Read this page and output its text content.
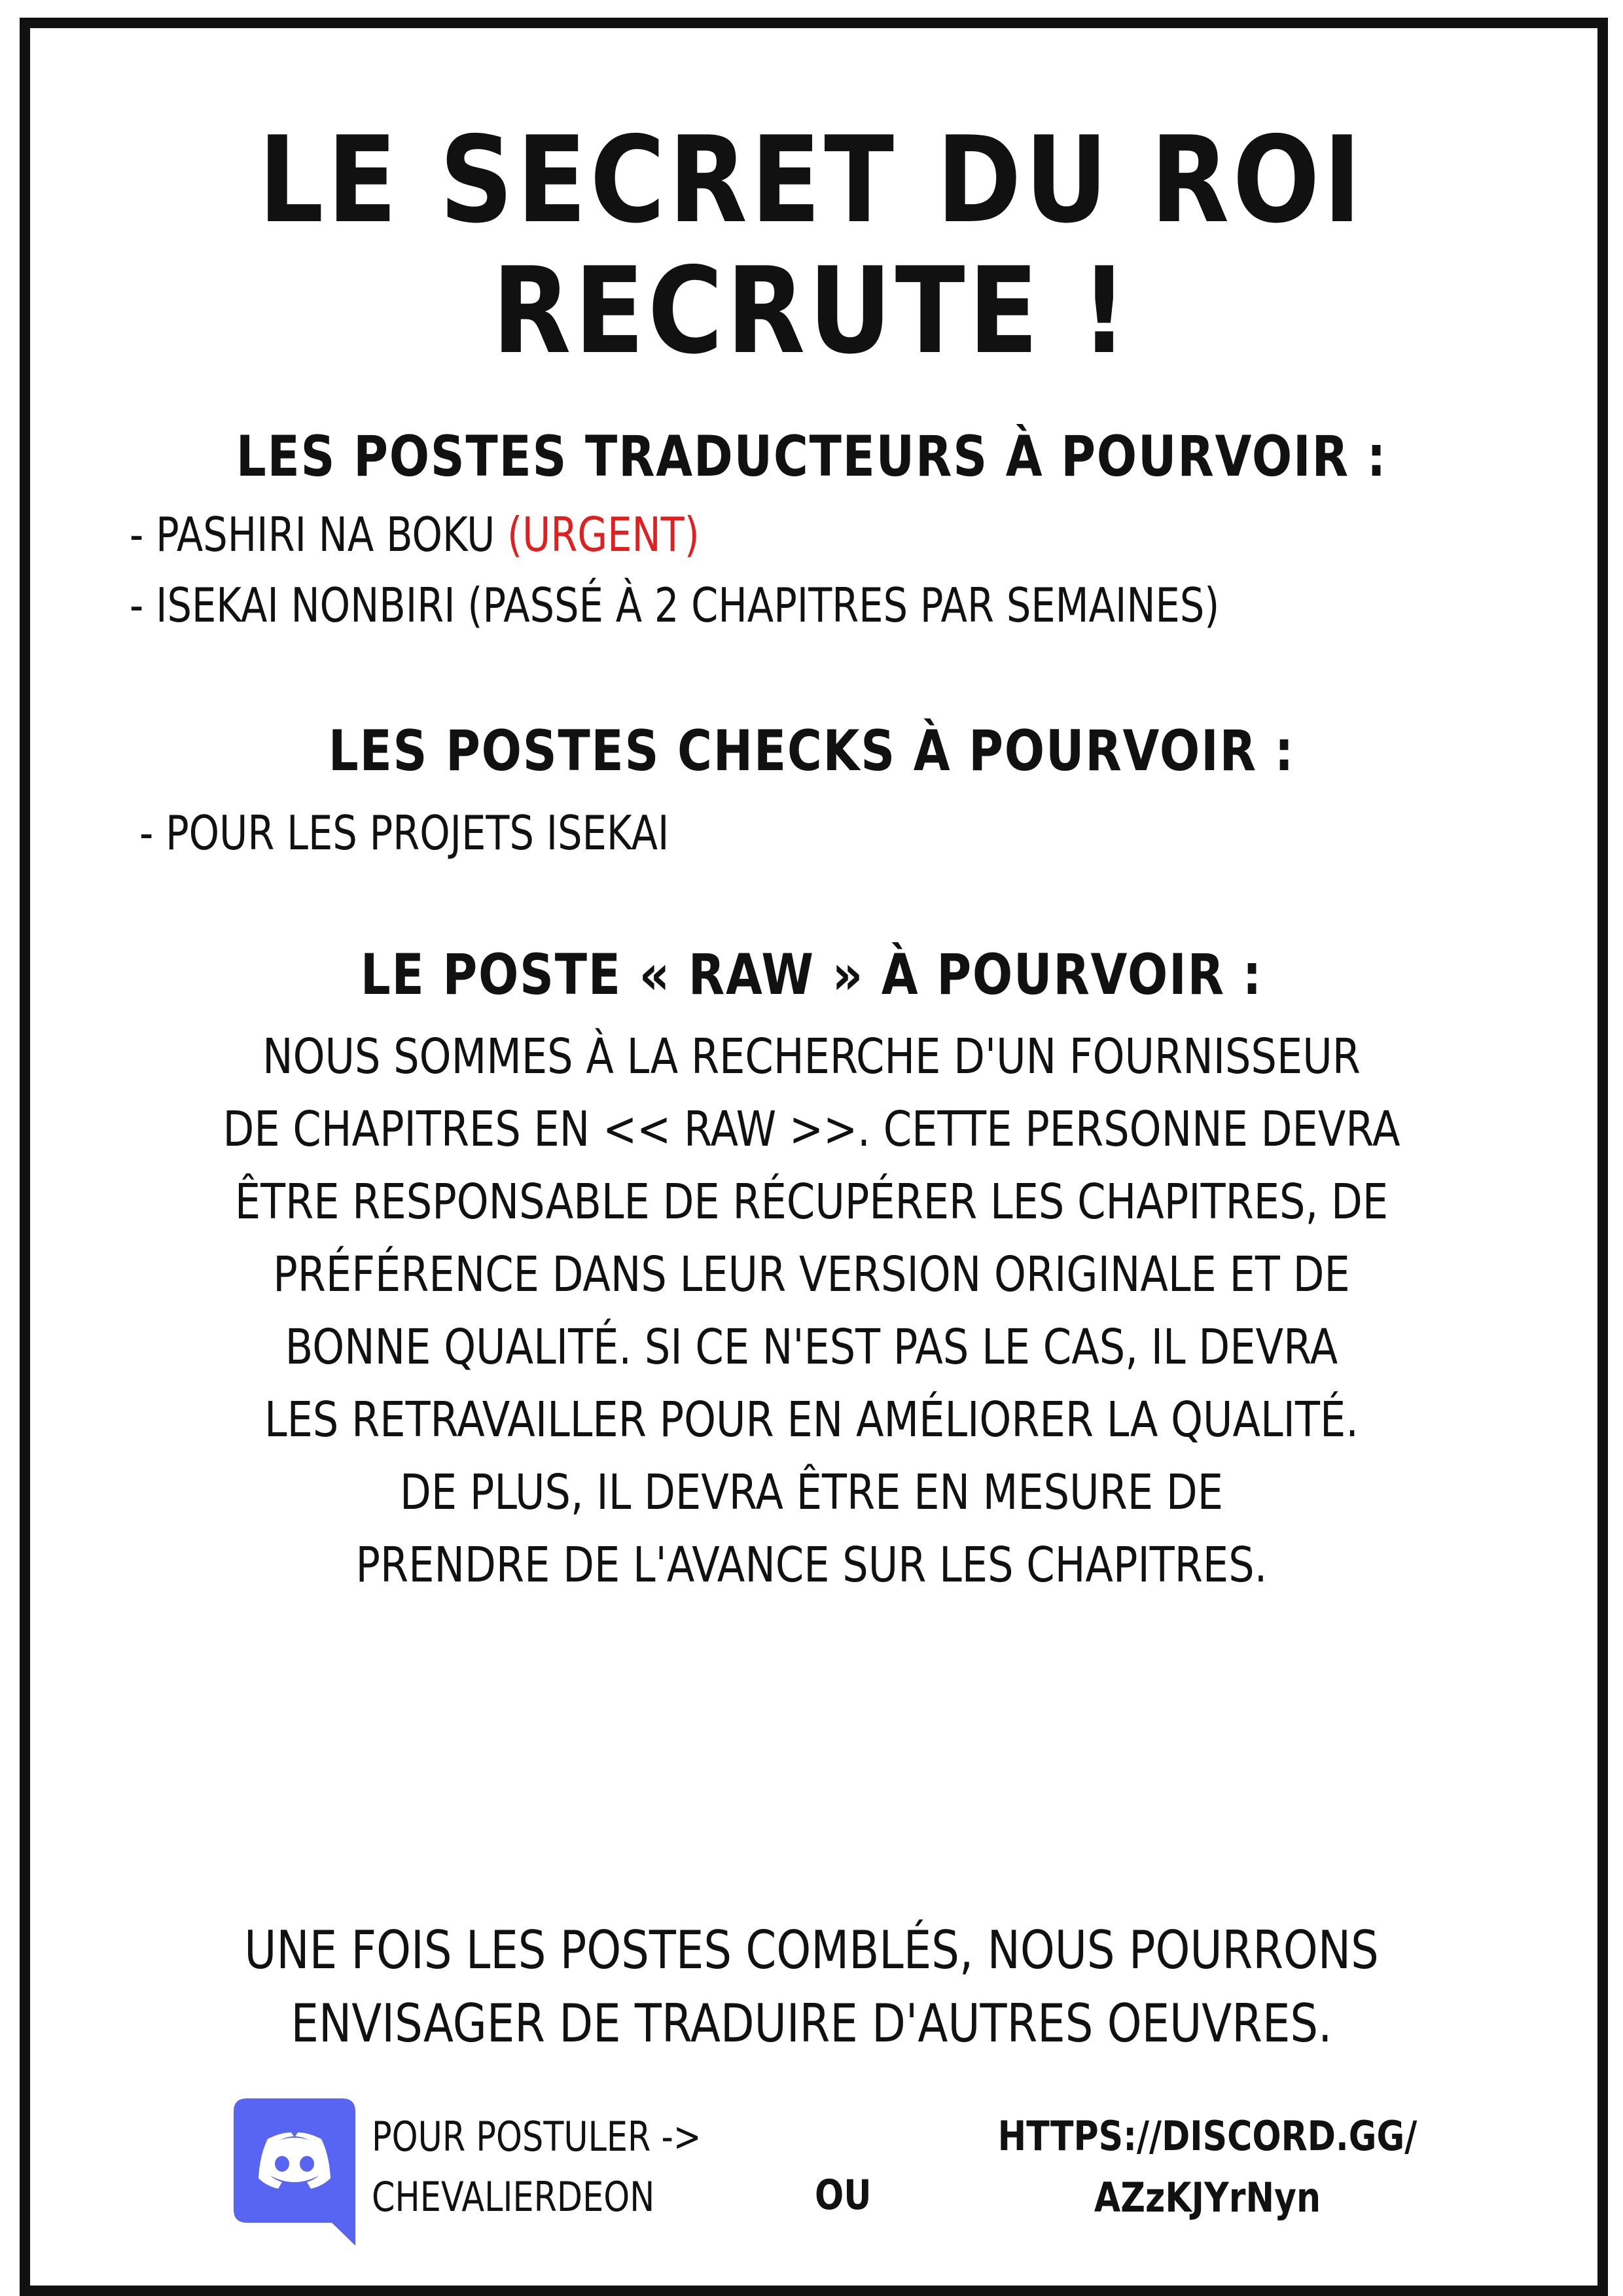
LE SECRET DU ROI RECRUTE !
LES POSTES TRADUCTEURS À POURVOIR :
- PASHIRI NA BOKU (URGENT)
- ISEKAI NONBIRI (PASSÉ À 2 CHAPITRES PAR SEMAINES)
LES POSTES CHECKS À POURVOIR :
- POUR LES PROJETS ISEKAI
LE POSTE « RAW » À POURVOIR :
NOUS SOMMES À LA RECHERCHE D'UN FOURNISSEUR
DE CHAPITRES EN << RAW >>. CETTE PERSONNE DEVRA
ÊTRE RESPONSABLE DE RÉCUPÉRER LES CHAPITRES, DE
PRÉFÉRENCE DANS LEUR VERSION ORIGINALE ET DE
BONNE QUALITÉ. SI CE N'EST PAS LE CAS, IL DEVRA
LES RETRAVAILLER POUR EN AMÉLIORER LA QUALITÉ.
DE PLUS, IL DEVRA ÊTRE EN MESURE DE
PRENDRE DE L'AVANCE SUR LES CHAPITRES.
UNE FOIS LES POSTES COMBLÉS, NOUS POURRONS
ENVISAGER DE TRADUIRE D'AUTRES OEUVRES.
POUR POSTULER ->
CHEVALIERDEON	OU
HTTPS://DISCORD.GG/
AZzKJYrNyn
